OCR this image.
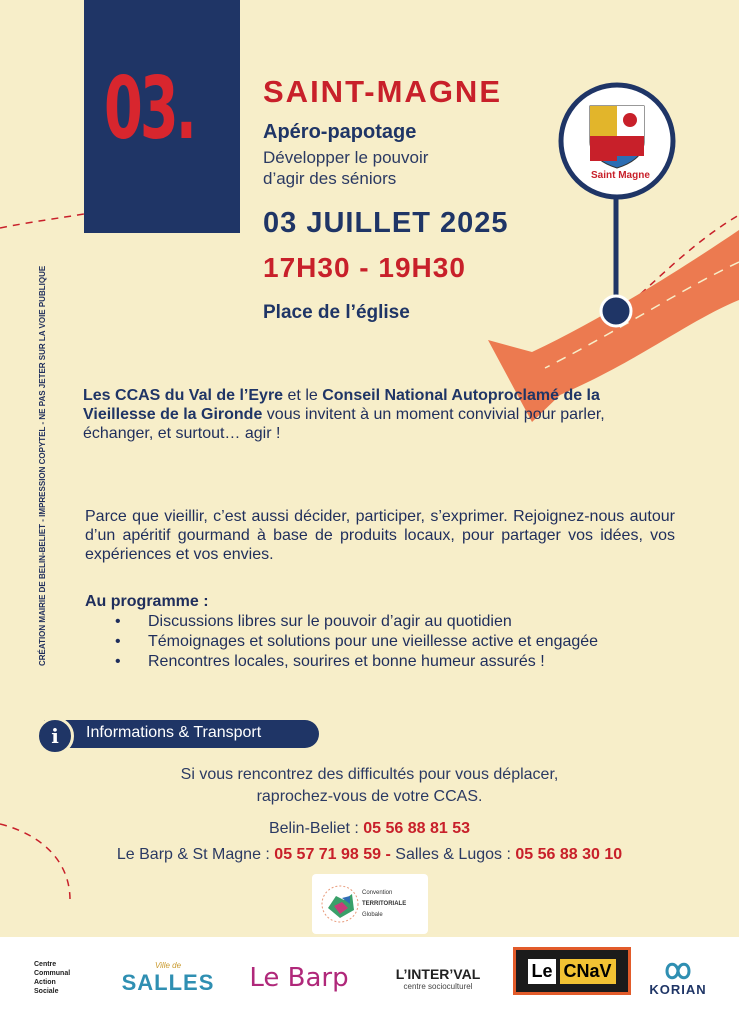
03. SAINT-MAGNE
Apéro-papotage
Développer le pouvoir d’agir des séniors
03 JUILLET 2025
17H30 - 19H30
Place de l’église
Saint Magne
CRÉATION MAIRIE DE BELIN-BELIET - IMPRESSION COPYTEL - NE PAS JETER SUR LA VOIE PUBLIQUE Les CCAS du Val de l’Eyre et le Conseil National Autoproclamé de la Vieillesse de la Gironde vous invitent à un moment convivial pour parler, échanger, et surtout… agir !
Parce que vieillir, c’est aussi décider, participer, s’exprimer. Rejoignez-nous autour d’un apéritif gourmand à base de produits locaux, pour partager vos idées, vos expériences et vos envies.
Au programme :
• Discussions libres sur le pouvoir d’agir au quotidien
• Témoignages et solutions pour une vieillesse active et engagée
• Rencontres locales, sourires et bonne humeur assurés !
i	Informations & Transport
Si vous rencontrez des difficultés pour vous déplacer,
raprochez-vous de votre CCAS.
Belin-Beliet : 05 56 88 81 53
Le Barp & St Magne : 05 57 71 98 59 - Salles & Lugos : 05 56 88 30 10
Convention
TERRITORIALE
Globale
Centre
Communal
Action
Sociale
Ville de
SALLES Le Barp	L’INTER’VAL
centre socioculturel
Le CNaV
KORIAN
